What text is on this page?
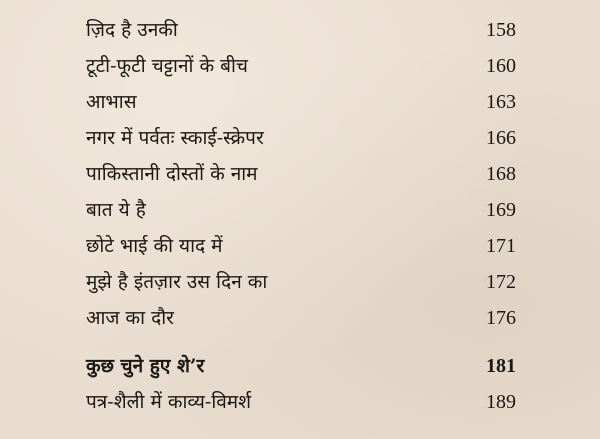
ज़िद है उनकी	158
टूटी-फूटी चट्टानों के बीच	160
आभास	163
नगर में पर्वतः स्काई-स्क्रेपर	166
पाकिस्तानी दोस्तों के नाम	168
बात ये है	169
छोटे भाई की याद में	171
मुझे है इंतज़ार उस दिन का	172
आज का दौर	176
कुछ चुने हुए शे’र	181
पत्र-शैली में काव्य-विमर्श	189
